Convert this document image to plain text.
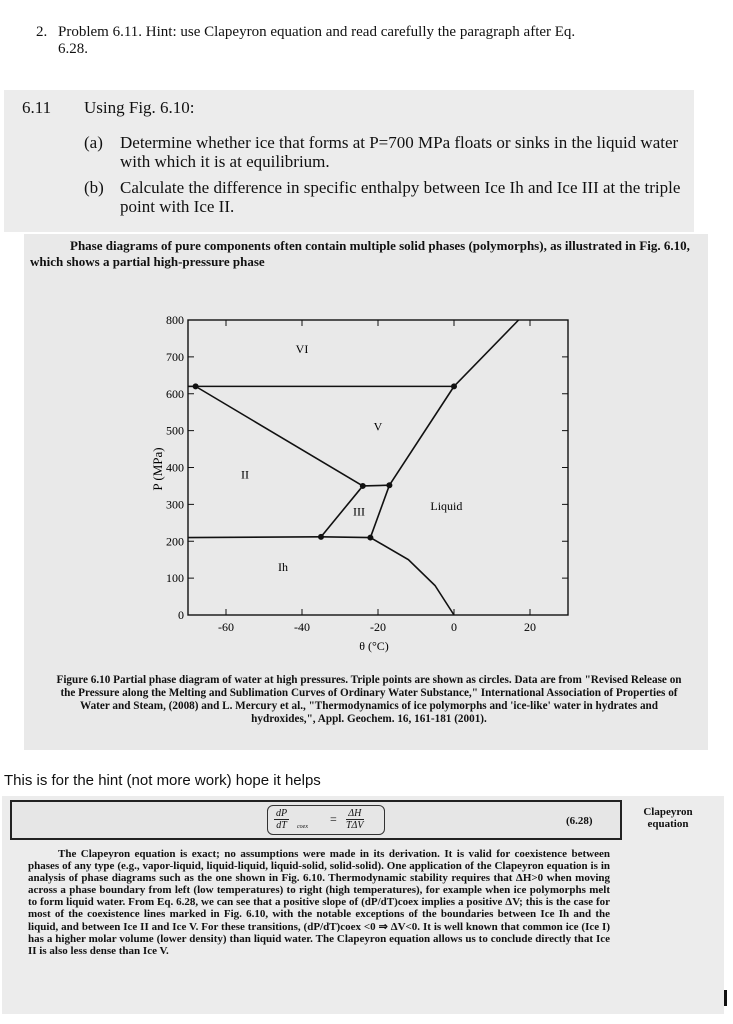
2. Problem 6.11. Hint: use Clapeyron equation and read carefully the paragraph after Eq.
6.28.
6.11 Using Fig. 6.10:
(a) Determine whether ice that forms at P=700 MPa floats or sinks in the liquid water with which it is at equilibrium.
(b) Calculate the difference in specific enthalpy between Ice Ih and Ice III at the triple point with Ice II.
Phase diagrams of pure components often contain multiple solid phases (polymorphs), as illustrated in Fig. 6.10, which shows a partial high-pressure phase
P (MPa)
θ (°C)
0
100
200
300
400
500
600
700
800
-60	-40	-20	0	20
VI
V
II
III	Liquid
Ih
Figure 6.10 Partial phase diagram of water at high pressures. Triple points are shown as circles. Data are from "Revised Release on the Pressure along the Melting and Sublimation Curves of Ordinary Water Substance," International Association of Properties of Water and Steam, (2008) and L. Mercury et al., "Thermodynamics of ice polymorphs and 'ice-like' water in hydrates and hydroxides,", Appl. Geochem. 16, 161-181 (2001).
This is for the hint (not more work) hope it helps
$\frac{dP}{dT}$ coex
= ΔH
TΔV	(6.28)
Clapeyron equation
The Clapeyron equation is exact; no assumptions were made in its derivation. It is valid for coexistence between phases of any type (e.g., vapor-liquid, liquid-liquid, liquid-solid, solid-solid). One application of the Clapeyron equation is in analysis of phase diagrams such as the one shown in Fig. 6.10. Thermodynamic stability requires that ΔH>0 when moving across a phase boundary from left (low temperatures) to right (high temperatures), for example when ice polymorphs melt to form liquid water. From Eq. 6.28, we can see that a positive slope of (dP/dT)coex implies a positive ΔV; this is the case for most of the coexistence lines marked in Fig. 6.10, with the notable exceptions of the boundaries between Ice Ih and the liquid, and between Ice II and Ice V. For these transitions, (dP/dT)coex <0 ⇒ ΔV<0. It is well known that common ice (Ice I) has a higher molar volume (lower density) than liquid water. The Clapeyron equation allows us to conclude directly that Ice II is also less dense than Ice V.
